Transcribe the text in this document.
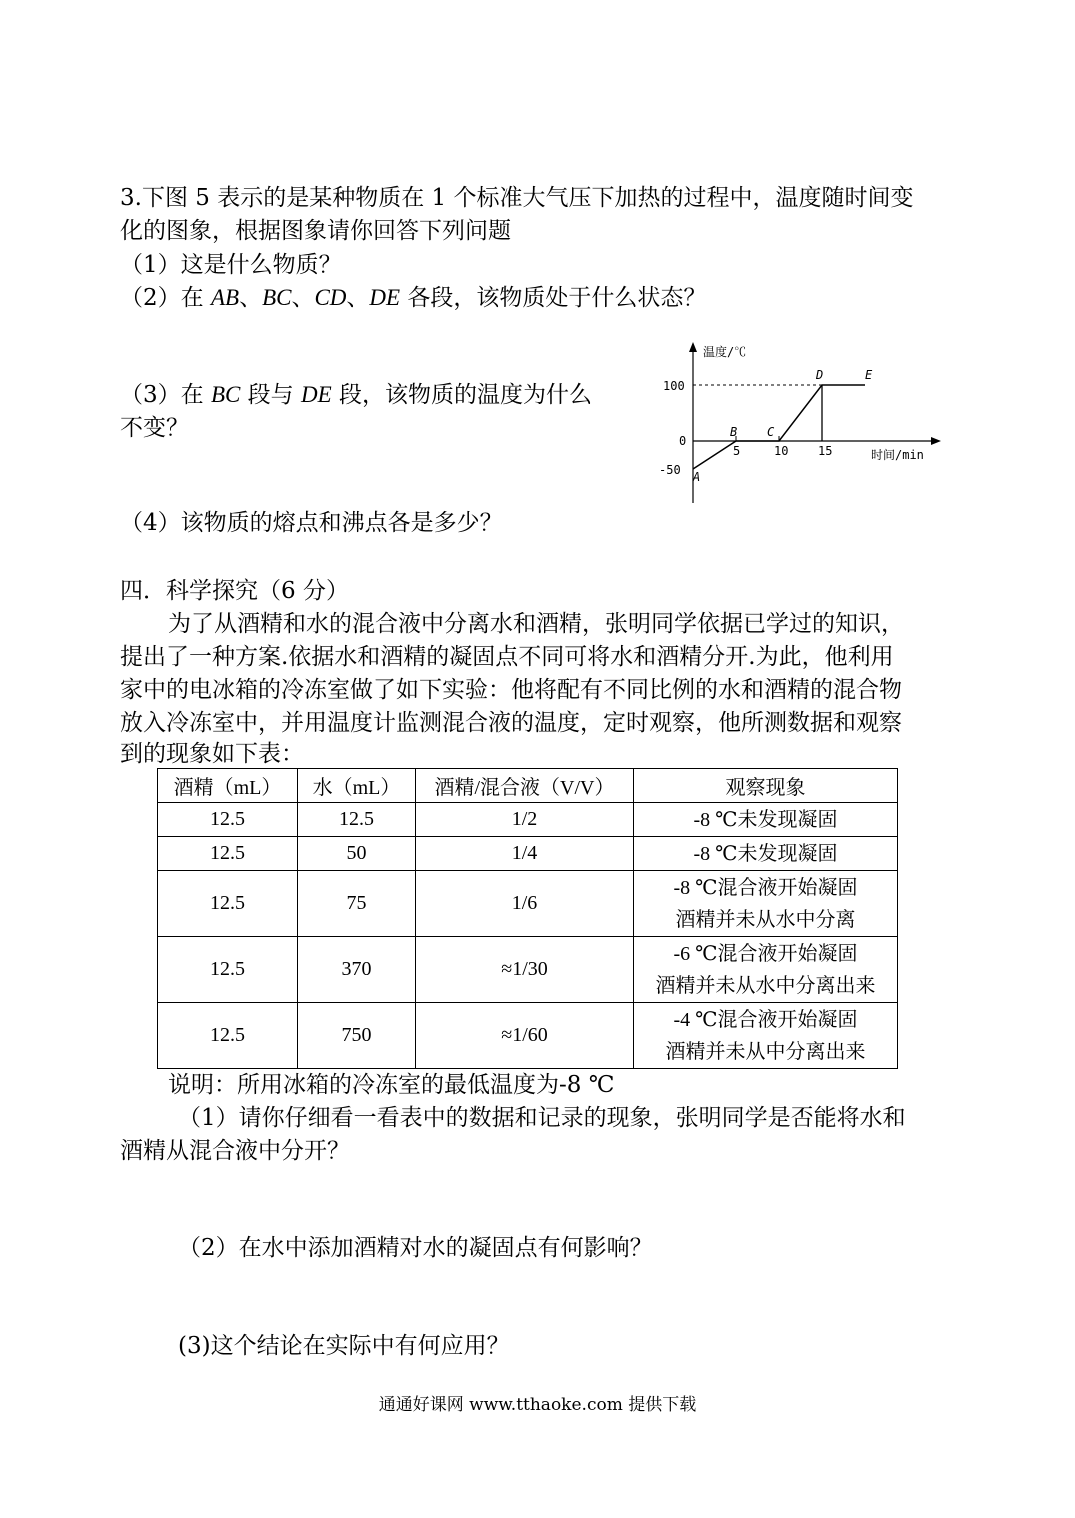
3.下图 5 表示的是某种物质在 1 个标准大气压下加热的过程中，温度随时间变
化的图象，根据图象请你回答下列问题
（1）这是什么物质？
（2）在 AB、BC、CD、DE 各段，该物质处于什么状态？
（3）在 BC 段与 DE 段，该物质的温度为什么
不变？
（4）该物质的熔点和沸点各是多少？
A
B C
D	E
温度/℃
时间/min
100
0
-50
5	10 15
四．科学探究（6 分）
为了从酒精和水的混合液中分离水和酒精，张明同学依据已学过的知识，
提出了一种方案.依据水和酒精的凝固点不同可将水和酒精分开.为此，他利用
家中的电冰箱的冷冻室做了如下实验：他将配有不同比例的水和酒精的混合物
放入冷冻室中，并用温度计监测混合液的温度，定时观察，他所测数据和观察
到的现象如下表：
酒精（mL）	水（mL）	酒精/混合液（V/V）	观察现象
12.5	12.5	1/2	-8 ℃未发现凝固

12.5	50	1/4	-8 ℃未发现凝固

12.5	75	1/6	-8 ℃混合液开始凝固
酒精并未从水中分离

12.5	370	≈1/30	-6 ℃混合液开始凝固
酒精并未从水中分离出来

12.5	750	≈1/60	-4 ℃混合液开始凝固
酒精并未从中分离出来
说明：所用冰箱的冷冻室的最低温度为-8 ℃
（1）请你仔细看一看表中的数据和记录的现象，张明同学是否能将水和
酒精从混合液中分开？
（2）在水中添加酒精对水的凝固点有何影响？
(3)这个结论在实际中有何应用？
通通好课网 www.tthaoke.com 提供下载
